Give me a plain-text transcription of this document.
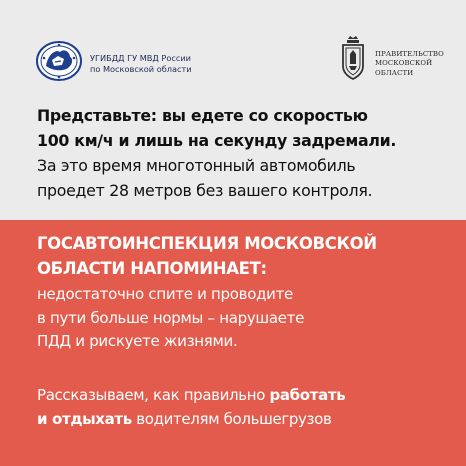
УГИБДД ГУ МВД России
по Московской области
ПРАВИТЕЛЬСТВО
МОСКОВСКОЙ
ОБЛАСТИ
Представьте: вы едете со скоростью
100 км/ч и лишь на секунду задремали.
За это время многотонный автомобиль
проедет 28 метров без вашего контроля.
ГОСАВТОИНСПЕКЦИЯ МОСКОВСКОЙ
ОБЛАСТИ НАПОМИНАЕТ:
недостаточно спите и проводите
в пути больше нормы – нарушаете
ПДД и рискуете жизнями.
Рассказываем, как правильно работать
и отдыхать водителям большегрузов
